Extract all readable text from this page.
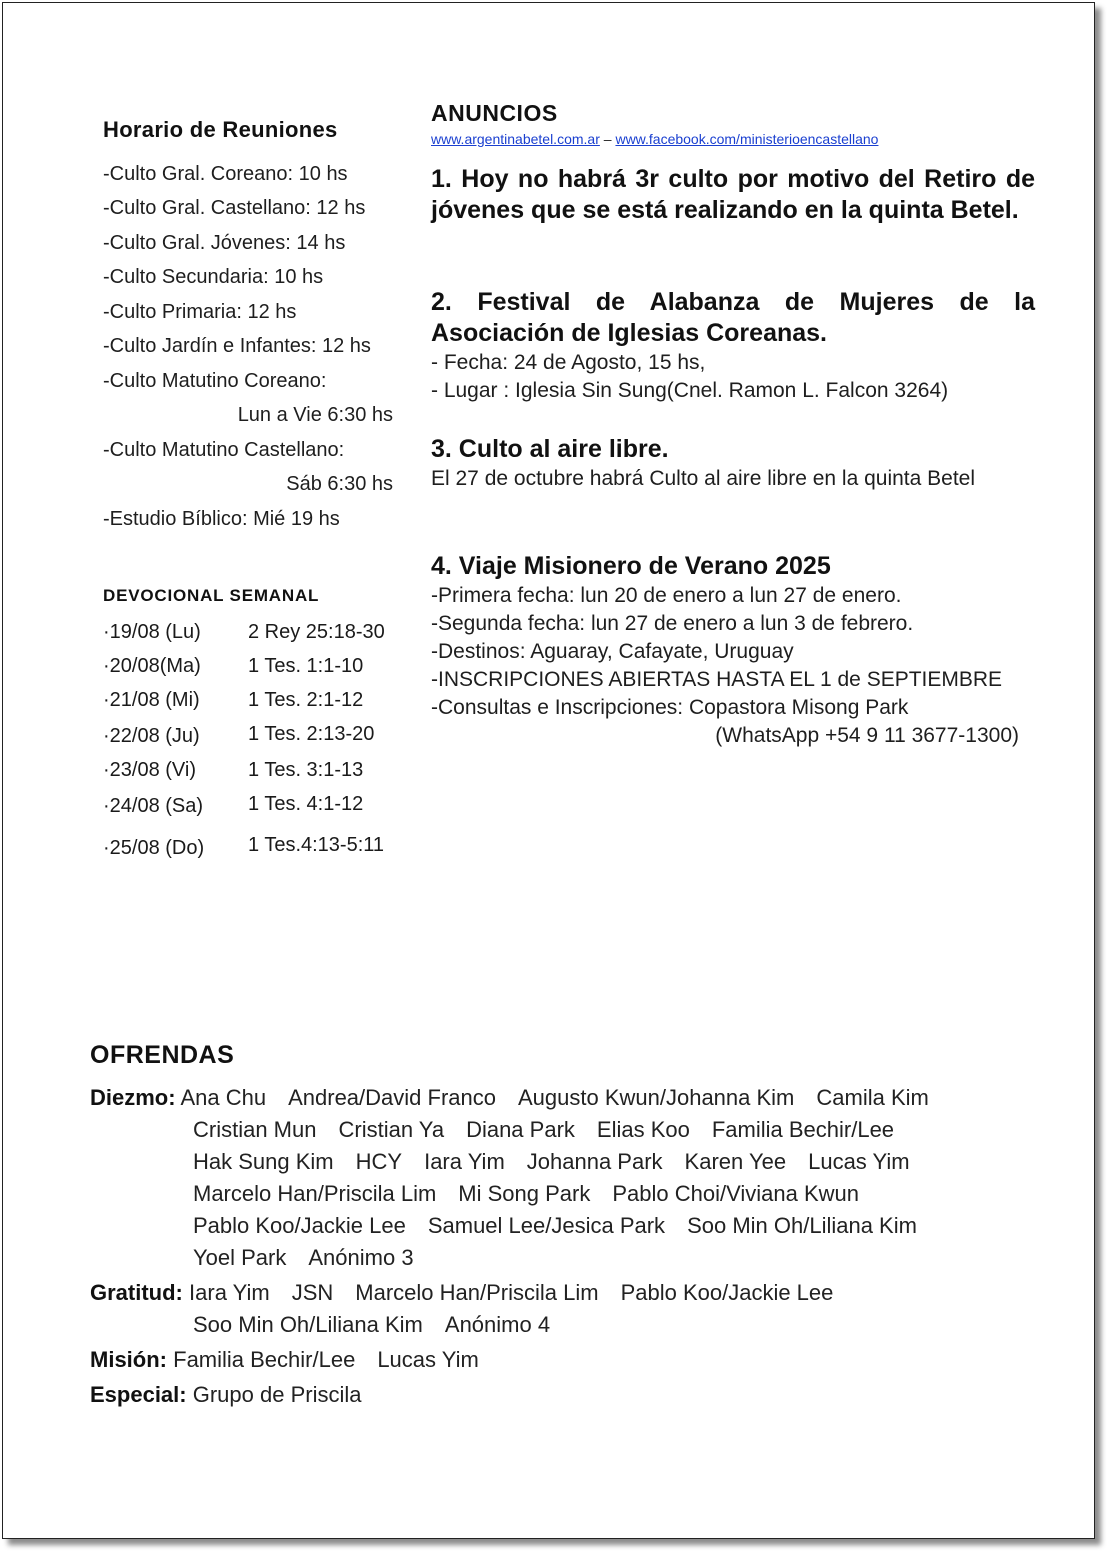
Horario de Reuniones
-Culto Gral. Coreano: 10 hs
-Culto Gral. Castellano: 12 hs
-Culto Gral. Jóvenes: 14 hs
-Culto Secundaria: 10 hs
-Culto Primaria: 12 hs
-Culto Jardín e Infantes: 12 hs
-Culto Matutino Coreano:
Lun a Vie 6:30 hs
-Culto Matutino Castellano:
Sáb 6:30 hs
-Estudio Bíblico: Mié 19 hs
DEVOCIONAL SEMANAL
·19/08 (Lu) 2 Rey 25:18-30
·20/08(Ma) 1 Tes. 1:1-10
·21/08 (Mi) 1 Tes. 2:1-12
·22/08 (Ju) 1 Tes. 2:13-20
·23/08 (Vi)	1 Tes. 3:1-13
·24/08 (Sa) 1 Tes. 4:1-12
·25/08 (Do) 1 Tes.4:13-5:11
ANUNCIOS
www.argentinabetel.com.ar – www.facebook.com/ministerioencastellano
1. Hoy no habrá 3r culto por motivo del Retiro de jóvenes que se está realizando en la quinta Betel.
2. Festival de Alabanza de Mujeres de la Asociación de Iglesias Coreanas.
- Fecha: 24 de Agosto, 15 hs,
- Lugar : Iglesia Sin Sung(Cnel. Ramon L. Falcon 3264)
3. Culto al aire libre.
El 27 de octubre habrá Culto al aire libre en la quinta Betel
4. Viaje Misionero de Verano 2025
-Primera fecha: lun 20 de enero a lun 27 de enero.
-Segunda fecha: lun 27 de enero a lun 3 de febrero.
-Destinos: Aguaray, Cafayate, Uruguay
-INSCRIPCIONES ABIERTAS HASTA EL 1 de SEPTIEMBRE
-Consultas e Inscripciones: Copastora Misong Park
(WhatsApp +54 9 11 3677-1300)
OFRENDAS
Diezmo: Ana Chu Andrea/David Franco Augusto Kwun/Johanna Kim Camila Kim
Cristian Mun Cristian Ya Diana Park Elias Koo Familia Bechir/Lee
Hak Sung Kim HCY Iara Yim Johanna Park Karen Yee Lucas Yim
Marcelo Han/Priscila Lim Mi Song Park Pablo Choi/Viviana Kwun
Pablo Koo/Jackie Lee Samuel Lee/Jesica Park Soo Min Oh/Liliana Kim
Yoel Park Anónimo 3
Gratitud: Iara Yim JSN Marcelo Han/Priscila Lim Pablo Koo/Jackie Lee
Soo Min Oh/Liliana Kim Anónimo 4
Misión: Familia Bechir/Lee Lucas Yim
Especial: Grupo de Priscila
